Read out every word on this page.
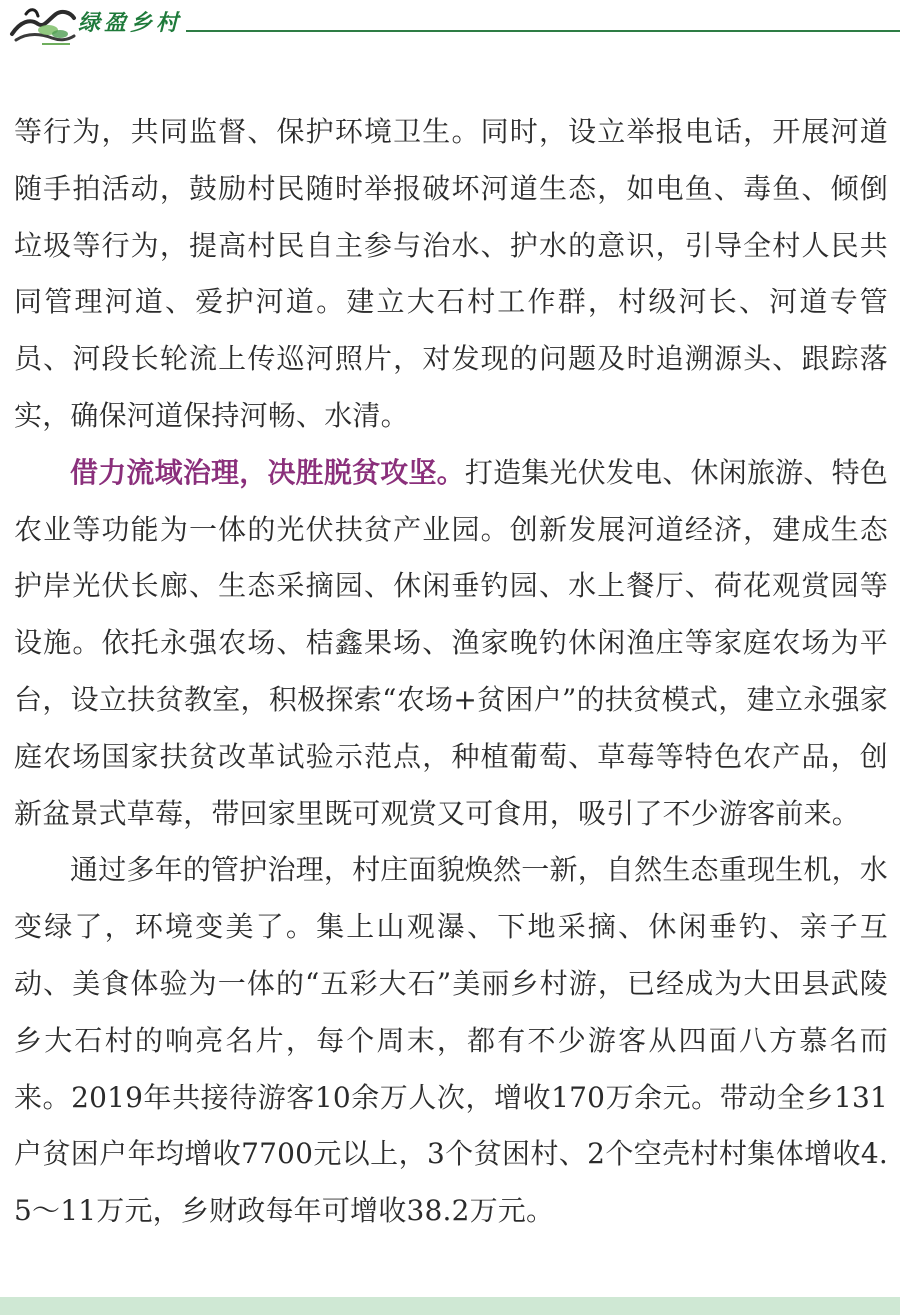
绿盈乡村

等行为，共同监督、保护环境卫生。同时，设立举报电话，开展河道随手拍活动，鼓励村民随时举报破坏河道生态，如电鱼、毒鱼、倾倒垃圾等行为，提高村民自主参与治水、护水的意识，引导全村人民共同管理河道、爱护河道。建立大石村工作群，村级河长、河道专管员、河段长轮流上传巡河照片，对发现的问题及时追溯源头、跟踪落实，确保河道保持河畅、水清。

借力流域治理，决胜脱贫攻坚。打造集光伏发电、休闲旅游、特色农业等功能为一体的光伏扶贫产业园。创新发展河道经济，建成生态护岸光伏长廊、生态采摘园、休闲垂钓园、水上餐厅、荷花观赏园等设施。依托永强农场、桔鑫果场、渔家晚钓休闲渔庄等家庭农场为平台，设立扶贫教室，积极探索“农场+贫困户”的扶贫模式，建立永强家庭农场国家扶贫改革试验示范点，种植葡萄、草莓等特色农产品，创新盆景式草莓，带回家里既可观赏又可食用，吸引了不少游客前来。

通过多年的管护治理，村庄面貌焕然一新，自然生态重现生机，水变绿了，环境变美了。集上山观瀑、下地采摘、休闲垂钓、亲子互动、美食体验为一体的“五彩大石”美丽乡村游，已经成为大田县武陵乡大石村的响亮名片，每个周末，都有不少游客从四面八方慕名而来。2019年共接待游客10余万人次，增收170万余元。带动全乡131户贫困户年均增收7700元以上，3个贫困村、2个空壳村村集体增收4.5～11万元，乡财政每年可增收38.2万元。
